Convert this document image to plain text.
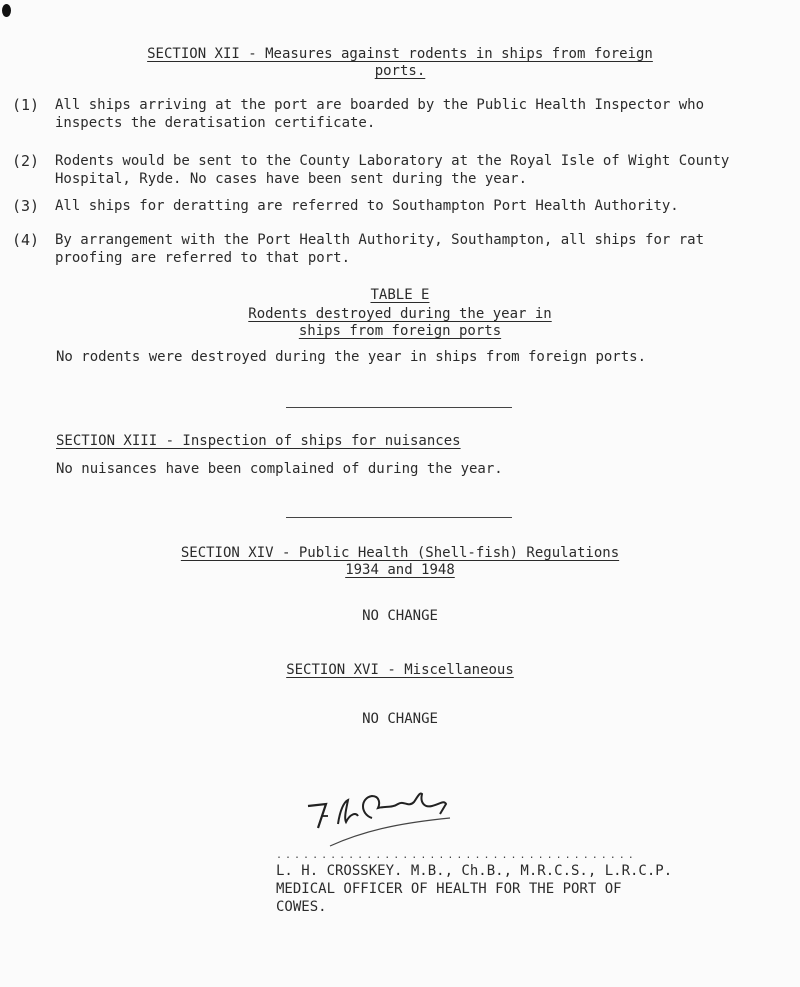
SECTION XII - Measures against rodents in ships from foreign
ports.
(1) All ships arriving at the port are boarded by the Public Health Inspector who inspects the deratisation certificate.
(2) Rodents would be sent to the County Laboratory at the Royal Isle of Wight County Hospital, Ryde. No cases have been sent during the year.
(3) All ships for deratting are referred to Southampton Port Health Authority.
(4) By arrangement with the Port Health Authority, Southampton, all ships for rat proofing are referred to that port.
TABLE E
Rodents destroyed during the year in
ships from foreign ports
No rodents were destroyed during the year in ships from foreign ports.
SECTION XIII - Inspection of ships for nuisances
No nuisances have been complained of during the year.
SECTION XIV - Public Health (Shell-fish) Regulations
1934 and 1948
NO CHANGE
SECTION XVI - Miscellaneous
NO CHANGE
........................................
L. H. CROSSKEY. M.B., Ch.B., M.R.C.S., L.R.C.P.
MEDICAL OFFICER OF HEALTH FOR THE PORT OF
COWES.
